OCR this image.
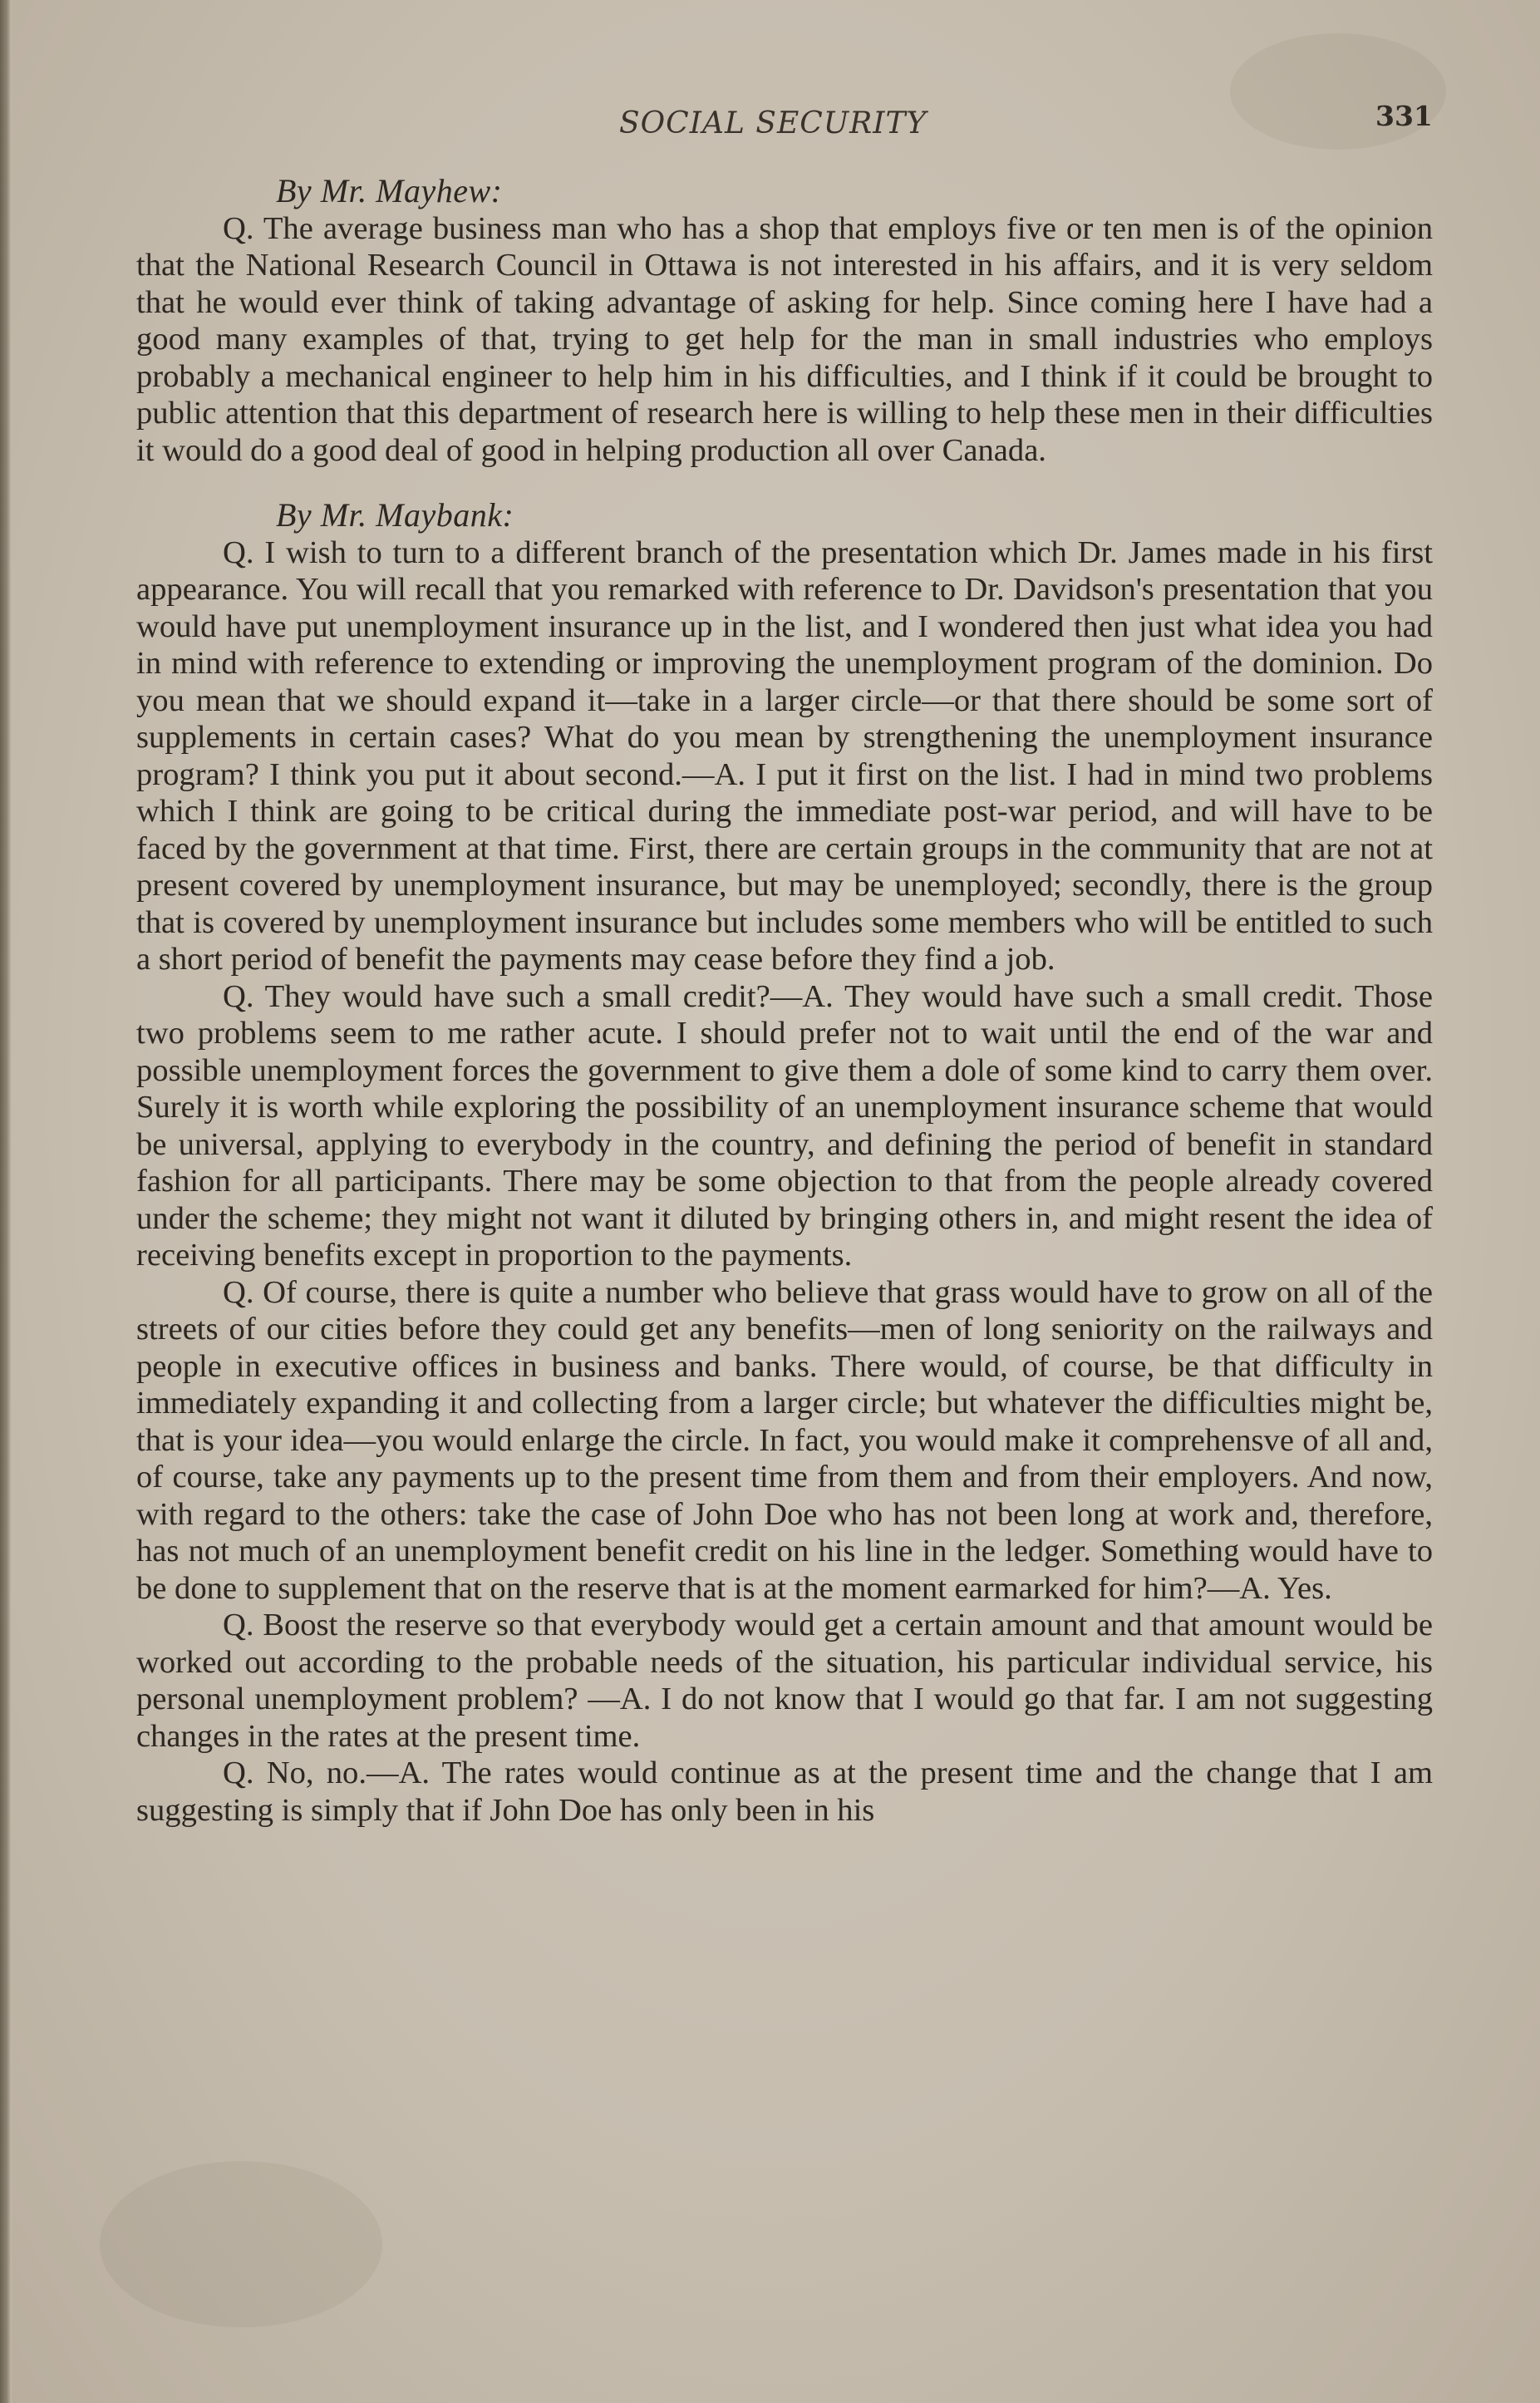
SOCIAL SECURITY	331

By Mr. Mayhew:

Q. The average business man who has a shop that employs five or ten men is of the opinion that the National Research Council in Ottawa is not interested in his affairs, and it is very seldom that he would ever think of taking advantage of asking for help. Since coming here I have had a good many examples of that, trying to get help for the man in small industries who employs probably a mechanical engineer to help him in his difficulties, and I think if it could be brought to public attention that this department of research here is willing to help these men in their difficulties it would do a good deal of good in helping production all over Canada.

By Mr. Maybank:

Q. I wish to turn to a different branch of the presentation which Dr. James made in his first appearance. You will recall that you remarked with reference to Dr. Davidson's presentation that you would have put unemployment insurance up in the list, and I wondered then just what idea you had in mind with reference to extending or improving the unemployment program of the dominion. Do you mean that we should expand it—take in a larger circle—or that there should be some sort of supplements in certain cases? What do you mean by strengthening the unemployment insurance program? I think you put it about second.—A. I put it first on the list. I had in mind two problems which I think are going to be critical during the immediate post-war period, and will have to be faced by the government at that time. First, there are certain groups in the community that are not at present covered by unemployment insurance, but may be unemployed; secondly, there is the group that is covered by unemployment insurance but includes some members who will be entitled to such a short period of benefit the payments may cease before they find a job.

Q. They would have such a small credit?—A. They would have such a small credit. Those two problems seem to me rather acute. I should prefer not to wait until the end of the war and possible unemployment forces the government to give them a dole of some kind to carry them over. Surely it is worth while exploring the possibility of an unemployment insurance scheme that would be universal, applying to everybody in the country, and defining the period of benefit in standard fashion for all participants. There may be some objection to that from the people already covered under the scheme; they might not want it diluted by bringing others in, and might resent the idea of receiving benefits except in proportion to the payments.

Q. Of course, there is quite a number who believe that grass would have to grow on all of the streets of our cities before they could get any benefits—men of long seniority on the railways and people in executive offices in business and banks. There would, of course, be that difficulty in immediately expanding it and collecting from a larger circle; but whatever the difficulties might be, that is your idea—you would enlarge the circle. In fact, you would make it comprehensve of all and, of course, take any payments up to the present time from them and from their employers. And now, with regard to the others: take the case of John Doe who has not been long at work and, therefore, has not much of an unemployment benefit credit on his line in the ledger. Something would have to be done to supplement that on the reserve that is at the moment earmarked for him?—A. Yes.

Q. Boost the reserve so that everybody would get a certain amount and that amount would be worked out according to the probable needs of the situation, his particular individual service, his personal unemployment problem? —A. I do not know that I would go that far. I am not suggesting changes in the rates at the present time.

Q. No, no.—A. The rates would continue as at the present time and the change that I am suggesting is simply that if John Doe has only been in his
